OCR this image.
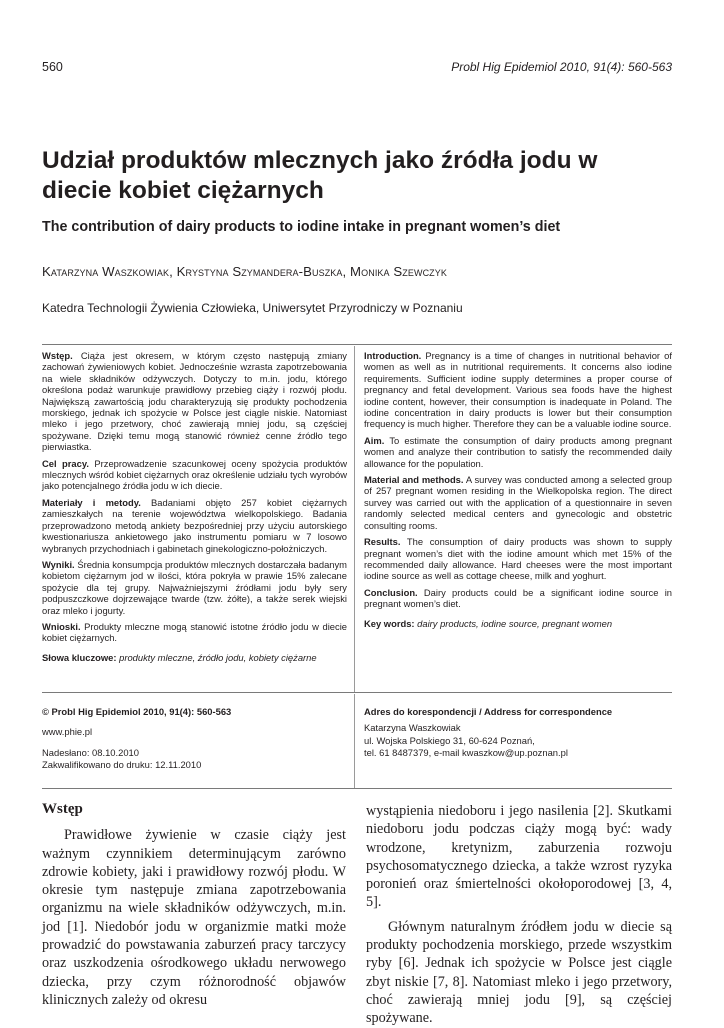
560	Probl Hig Epidemiol 2010, 91(4): 560-563
Udział produktów mlecznych jako źródła jodu w diecie kobiet ciężarnych
The contribution of dairy products to iodine intake in pregnant women’s diet
Katarzyna Waszkowiak, Krystyna Szymandera-Buszka, Monika Szewczyk
Katedra Technologii Żywienia Człowieka, Uniwersytet Przyrodniczy w Poznaniu

Wstęp. Ciąża jest okresem, w którym często następują zmiany zachowań żywieniowych kobiet. Jednocześnie wzrasta zapotrzebowania na wiele składników odżywczych. Dotyczy to m.in. jodu, którego określona podaż warunkuje prawidłowy przebieg ciąży i rozwój płodu. Największą zawartością jodu charakteryzują się produkty pochodzenia morskiego, jednak ich spożycie w Polsce jest ciągle niskie. Natomiast mleko i jego przetwory, choć zawierają mniej jodu, są częściej spożywane. Dzięki temu mogą stanowić również cenne źródło tego pierwiastka.

Cel pracy. Przeprowadzenie szacunkowej oceny spożycia produktów mlecznych wśród kobiet ciężarnych oraz określenie udziału tych wyrobów jako potencjalnego źródła jodu w ich diecie.

Materiały i metody. Badaniami objęto 257 kobiet ciężarnych zamieszkałych na terenie województwa wielkopolskiego. Badania przeprowadzono metodą ankiety bezpośredniej przy użyciu autorskiego kwestionariusza ankietowego jako instrumentu pomiaru w 7 losowo wybranych przychodniach i gabinetach ginekologiczno-położniczych.

Wyniki. Średnia konsumpcja produktów mlecznych dostarczała badanym kobietom ciężarnym jod w ilości, która pokryła w prawie 15% zalecane spożycie dla tej grupy. Najważniejszymi źródłami jodu były sery podpuszczkowe dojrzewające twarde (tzw. żółte), a także serek wiejski oraz mleko i jogurty.

Wnioski. Produkty mleczne mogą stanowić istotne źródło jodu w diecie kobiet ciężarnych.

Słowa kluczowe: produkty mleczne, źródło jodu, kobiety ciężarne

Introduction. Pregnancy is a time of changes in nutritional behavior of women as well as in nutritional requirements. It concerns also iodine requirements. Sufficient iodine supply determines a proper course of pregnancy and fetal development. Various sea foods have the highest iodine content, however, their consumption is inadequate in Poland. The iodine concentration in dairy products is lower but their consumption frequency is much higher. Therefore they can be a valuable iodine source.

Aim. To estimate the consumption of dairy products among pregnant women and analyze their contribution to satisfy the recommended daily allowance for the population.

Material and methods. A survey was conducted among a selected group of 257 pregnant women residing in the Wielkopolska region. The direct survey was carried out with the application of a questionnaire in seven randomly selected medical centers and gynecologic and obstetric consulting rooms.

Results. The consumption of dairy products was shown to supply pregnant women’s diet with the iodine amount which met 15% of the recommended daily allowance. Hard cheeses were the most important iodine source as well as cottage cheese, milk and yoghurt.

Conclusion. Dairy products could be a significant iodine source in pregnant women’s diet.

Key words: dairy products, iodine source, pregnant women

© Probl Hig Epidemiol 2010, 91(4): 560-563
www.phie.pl
Nadesłano: 08.10.2010
Zakwalifikowano do druku: 12.11.2010
Adres do korespondencji / Address for correspondence
Katarzyna Waszkowiak
ul. Wojska Polskiego 31, 60-624 Poznań,
tel. 61 8487379, e-mail kwaszkow@up.poznan.pl
Wstęp

Prawidłowe żywienie w czasie ciąży jest ważnym czynnikiem determinującym zarówno zdrowie kobiety, jaki i prawidłowy rozwój płodu. W okresie tym następuje zmiana zapotrzebowania organizmu na wiele składników odżywczych, m.in. jod [1]. Niedobór jodu w organizmie matki może prowadzić do powstawania zaburzeń pracy tarczycy oraz uszkodzenia ośrodkowego układu nerwowego dziecka, przy czym różnorodność objawów klinicznych zależy od okresu

wystąpienia niedoboru i jego nasilenia [2]. Skutkami niedoboru jodu podczas ciąży mogą być: wady wrodzone, kretynizm, zaburzenia rozwoju psychosomatycznego dziecka, a także wzrost ryzyka poronień oraz śmiertelności okołoporodowej [3, 4, 5].

Głównym naturalnym źródłem jodu w diecie są produkty pochodzenia morskiego, przede wszystkim ryby [6]. Jednak ich spożycie w Polsce jest ciągle zbyt niskie [7, 8]. Natomiast mleko i jego przetwory, choć zawierają mniej jodu [9], są częściej spożywane.
